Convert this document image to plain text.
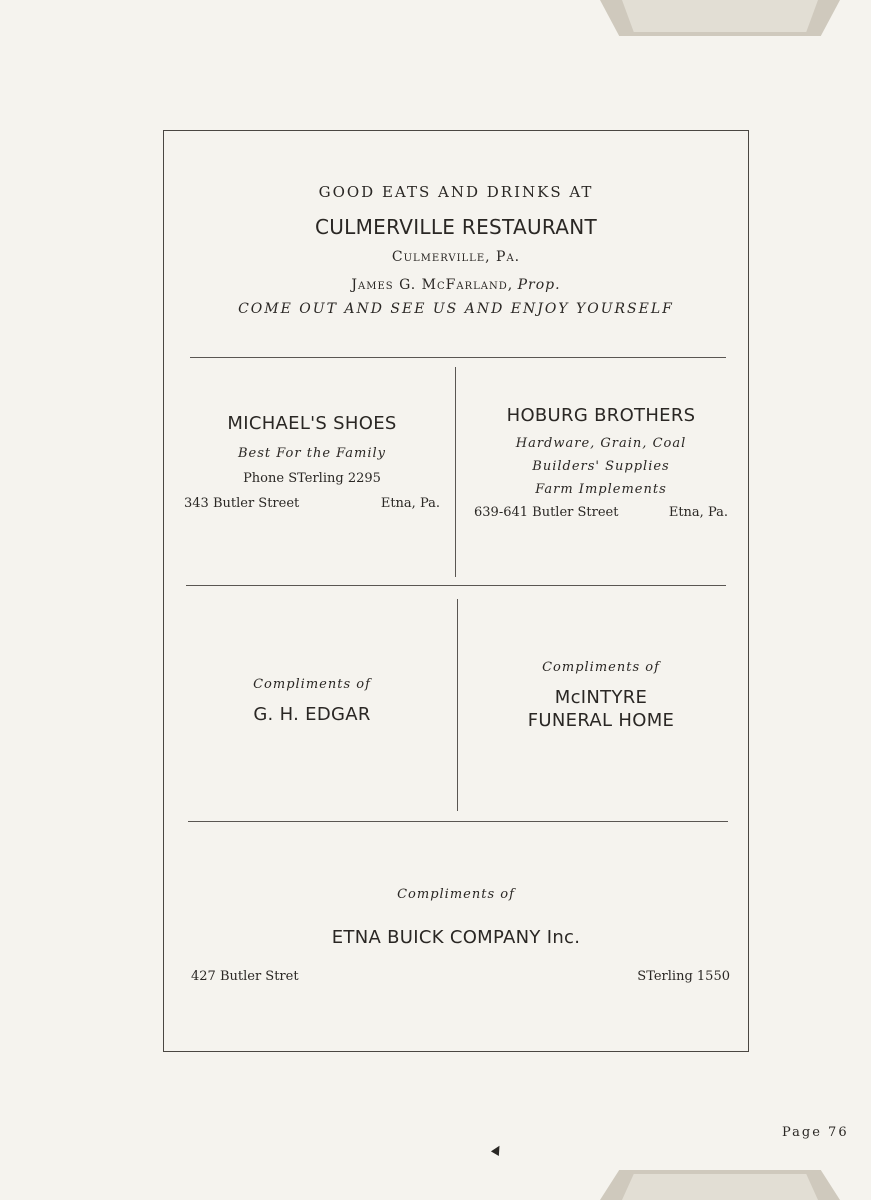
GOOD EATS AND DRINKS AT
CULMERVILLE RESTAURANT
Culmerville, Pa.
James G. McFarland, Prop.
COME OUT AND SEE US AND ENJOY YOURSELF
MICHAEL'S SHOES
Best For the Family
Phone STerling 2295
343 Butler Street	Etna, Pa.
HOBURG BROTHERS
Hardware, Grain, Coal
Builders' Supplies
Farm Implements
639-641 Butler Street	Etna, Pa.
Compliments of
G. H. EDGAR
Compliments of
McINTYRE
FUNERAL HOME
Compliments of
ETNA BUICK COMPANY Inc.
427 Butler Stret	STerling 1550
Page 76
▲
